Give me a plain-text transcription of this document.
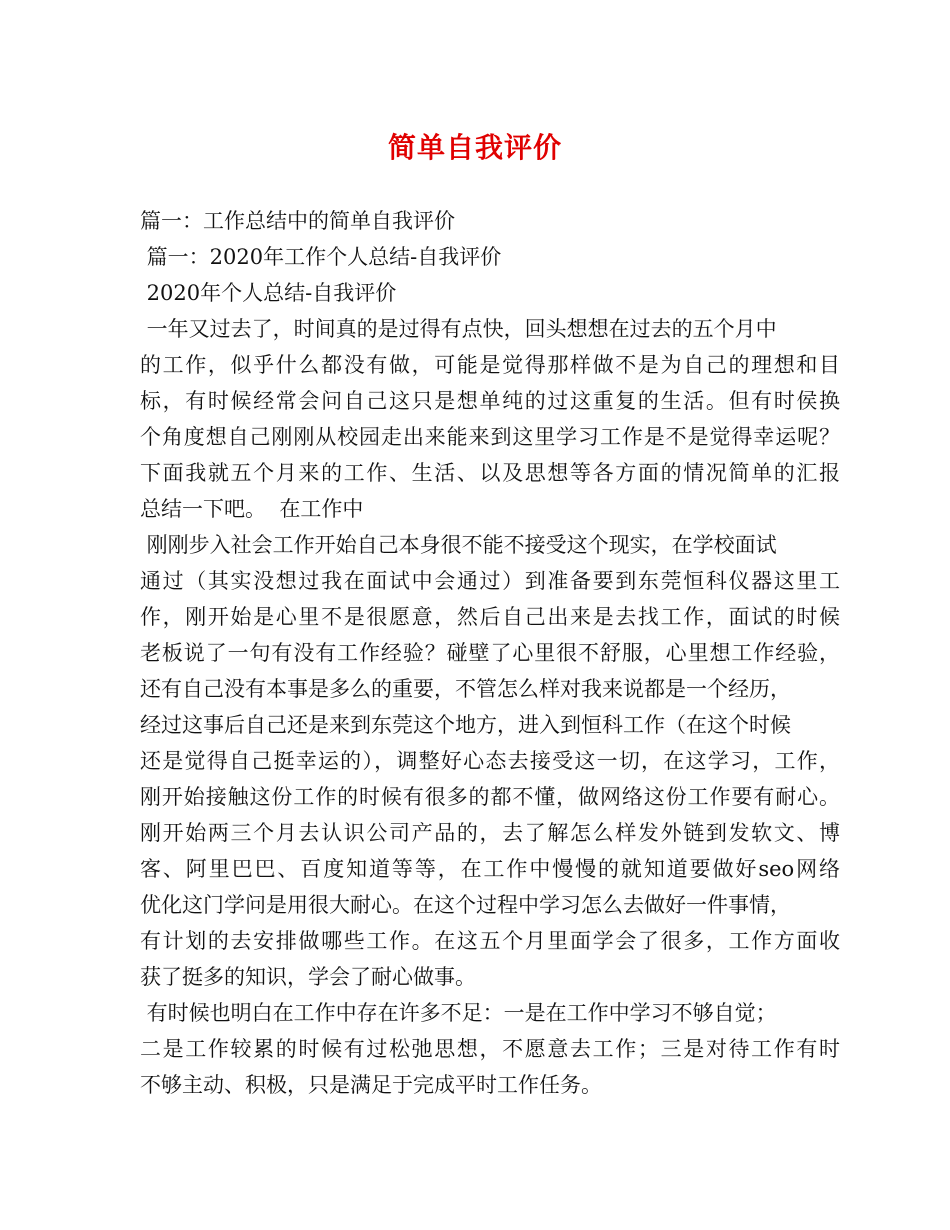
简单自我评价
篇一：工作总结中的简单自我评价
篇一：2020年工作个人总结-自我评价
2020年个人总结-自我评价
一年又过去了，时间真的是过得有点快，回头想想在过去的五个月中
的工作，似乎什么都没有做，可能是觉得那样做不是为自己的理想和目
标，有时候经常会问自己这只是想单纯的过这重复的生活。但有时侯换
个角度想自己刚刚从校园走出来能来到这里学习工作是不是觉得幸运呢？
下面我就五个月来的工作、生活、以及思想等各方面的情况简单的汇报
总结一下吧。  在工作中
刚刚步入社会工作开始自己本身很不能不接受这个现实，在学校面试
通过（其实没想过我在面试中会通过）到准备要到东莞恒科仪器这里工
作，刚开始是心里不是很愿意，然后自己出来是去找工作，面试的时候
老板说了一句有没有工作经验？碰壁了心里很不舒服，心里想工作经验，
还有自己没有本事是多么的重要，不管怎么样对我来说都是一个经历，
经过这事后自己还是来到东莞这个地方，进入到恒科工作（在这个时候
还是觉得自己挺幸运的），调整好心态去接受这一切，在这学习，工作，
刚开始接触这份工作的时候有很多的都不懂，做网络这份工作要有耐心。
刚开始两三个月去认识公司产品的，去了解怎么样发外链到发软文、博
客、阿里巴巴、百度知道等等，在工作中慢慢的就知道要做好seo网络
优化这门学问是用很大耐心。在这个过程中学习怎么去做好一件事情，
有计划的去安排做哪些工作。在这五个月里面学会了很多，工作方面收
获了挺多的知识，学会了耐心做事。
有时候也明白在工作中存在许多不足：一是在工作中学习不够自觉；
二是工作较累的时候有过松弛思想，不愿意去工作；三是对待工作有时
不够主动、积极，只是满足于完成平时工作任务。
